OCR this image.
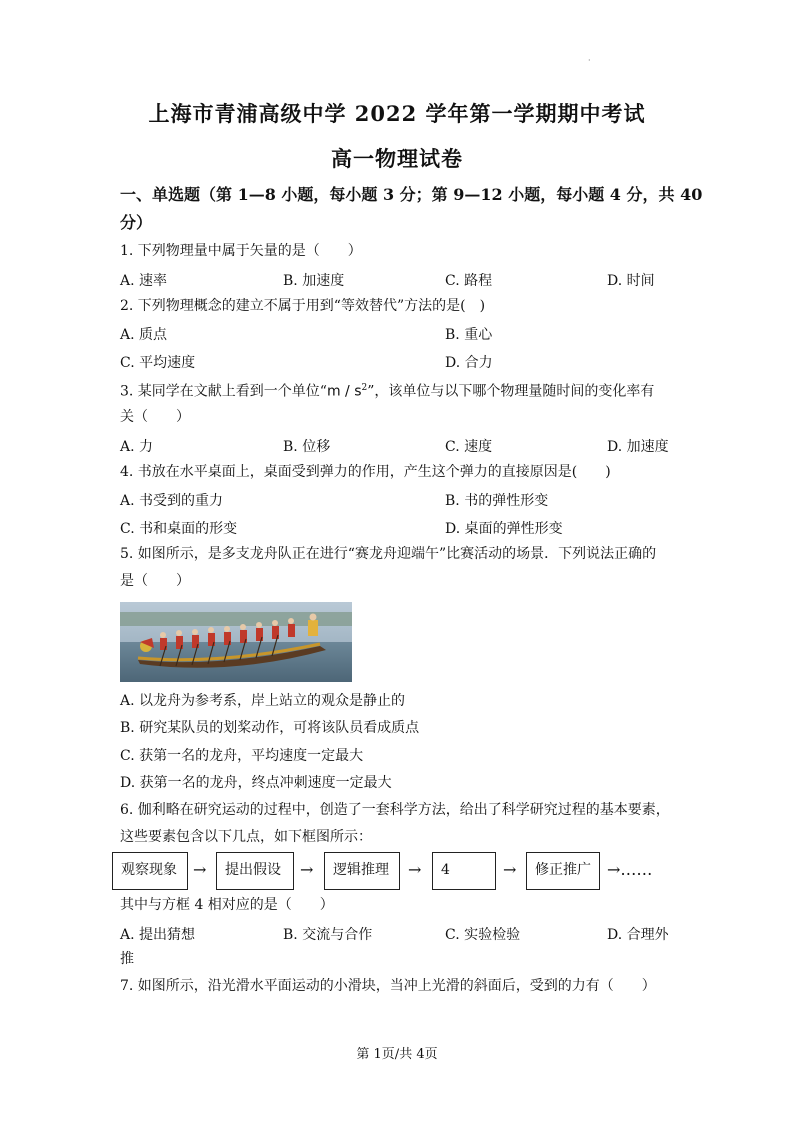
·
上海市青浦高级中学 2022 学年第一学期期中考试
高一物理试卷
一、单选题（第 1—8 小题，每小题 3 分；第 9—12 小题，每小题 4 分，共 40
分）
1. 下列物理量中属于矢量的是（　　）
A. 速率	B. 加速度	C. 路程	D. 时间
2. 下列物理概念的建立不属于用到“等效替代”方法的是(　)
A. 质点	B. 重心
C. 平均速度	D. 合力
3. 某同学在文献上看到一个单位“m / $s^2$”，该单位与以下哪个物理量随时间的变化率有
关（　　）
A. 力	B. 位移	C. 速度	D. 加速度
4. 书放在水平桌面上，桌面受到弹力的作用，产生这个弹力的直接原因是(　　)
A. 书受到的重力	B. 书的弹性形变
C. 书和桌面的形变	D. 桌面的弹性形变
5. 如图所示，是多支龙舟队正在进行“赛龙舟迎端午”比赛活动的场景．下列说法正确的
是（　　）
A. 以龙舟为参考系，岸上站立的观众是静止的
B. 研究某队员的划桨动作，可将该队员看成质点
C. 获第一名的龙舟，平均速度一定最大
D. 获第一名的龙舟，终点冲刺速度一定最大
6. 伽利略在研究运动的过程中，创造了一套科学方法，给出了科学研究过程的基本要素，
这些要素包含以下几点，如下框图所示：
观察现象	→	提出假设	→	逻辑推理	→	4	→	修正推广	→……
其中与方框 4 相对应的是（　　）
A. 提出猜想	B. 交流与合作	C. 实验检验	D. 合理外
推
7. 如图所示，沿光滑水平面运动的小滑块，当冲上光滑的斜面后，受到的力有（　　）
第 1页/共 4页
